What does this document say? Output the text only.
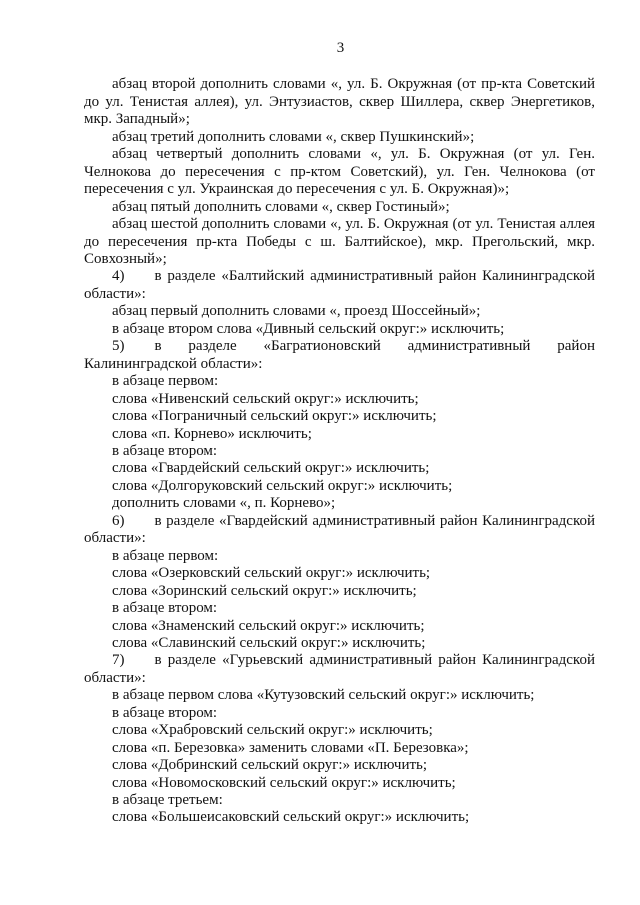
3

абзац второй дополнить словами «, ул. Б. Окружная (от пр-кта Советский до ул. Тенистая аллея), ул. Энтузиастов, сквер Шиллера, сквер Энергетиков, мкр. Западный»;

абзац третий дополнить словами «, сквер Пушкинский»;

абзац четвертый дополнить словами «, ул. Б. Окружная (от ул. Ген. Челнокова до пересечения с пр-ктом Советский), ул. Ген. Челнокова (от пересечения с ул. Украинская до пересечения с ул. Б. Окружная)»;

абзац пятый дополнить словами «, сквер Гостиный»;

абзац шестой дополнить словами «, ул. Б. Окружная (от ул. Тенистая аллея до пересечения пр-кта Победы с ш. Балтийское), мкр. Прегольский, мкр. Совхозный»;

4)  в разделе «Балтийский административный район Калининградской области»:

абзац первый дополнить словами «, проезд Шоссейный»;

в абзаце втором слова «Дивный сельский округ:» исключить;

5)  в разделе «Багратионовский административный район Калининградской области»:

в абзаце первом:

слова «Нивенский сельский округ:» исключить;

слова «Пограничный сельский округ:» исключить;

слова «п. Корнево» исключить;

в абзаце втором:

слова «Гвардейский сельский округ:» исключить;

слова «Долгоруковский сельский округ:» исключить;

дополнить словами «, п. Корнево»;

6)  в разделе «Гвардейский административный район Калининградской области»:

в абзаце первом:

слова «Озерковский сельский округ:» исключить;

слова «Зоринский сельский округ:» исключить;

в абзаце втором:

слова «Знаменский сельский округ:» исключить;

слова «Славинский сельский округ:» исключить;

7)  в разделе «Гурьевский административный район Калининградской области»:

в абзаце первом слова «Кутузовский сельский округ:» исключить;

в абзаце втором:

слова «Храбровский сельский округ:» исключить;

слова «п. Березовка» заменить словами «П. Березовка»;

слова «Добринский сельский округ:» исключить;

слова «Новомосковский сельский округ:» исключить;

в абзаце третьем:

слова «Большеисаковский сельский округ:» исключить;
